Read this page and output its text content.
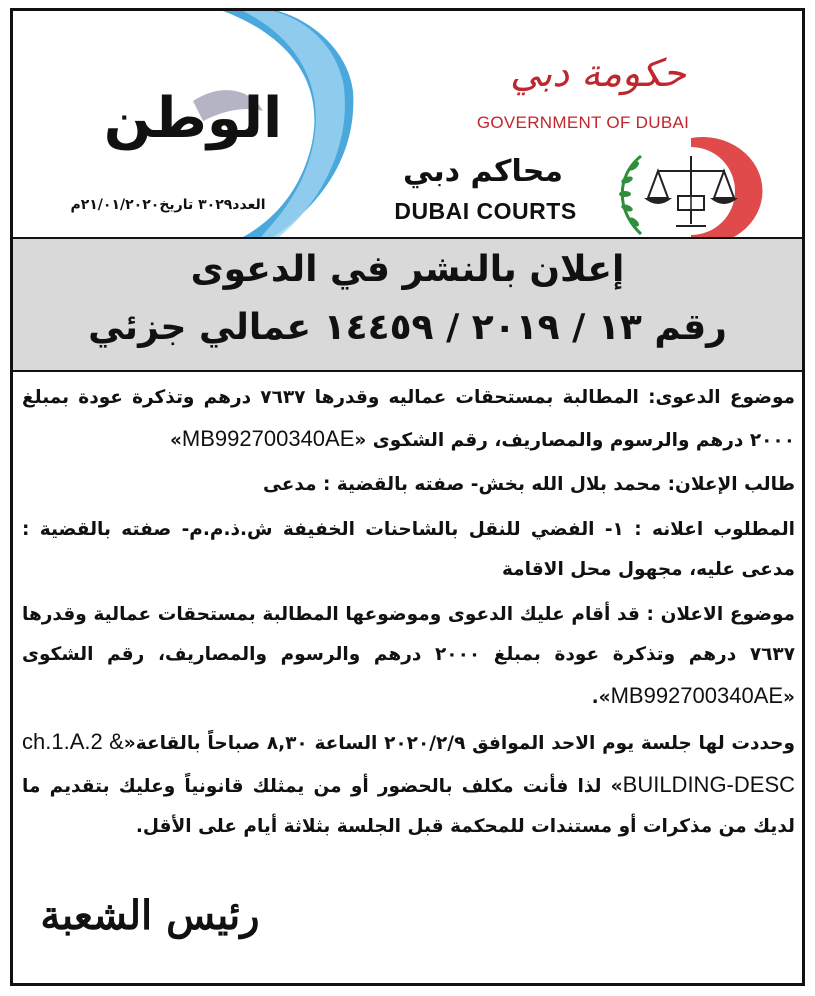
الوطن
العدد٣٠٢٩ تاريخ٢١/٠١/٢٠٢٠م
حكومة دبي
GOVERNMENT OF DUBAI
محاكم دبي
DUBAI COURTS
إعلان بالنشر في الدعوى
رقم ١٣ / ٢٠١٩ / ١٤٤٥٩ عمالي جزئي

موضوع الدعوى: المطالبة بمستحقات عماليه وقدرها ٧٦٣٧ درهم وتذكرة عودة بمبلغ ٢٠٠٠ درهم والرسوم والمصاريف، رقم الشكوى «MB992700340AE»

طالب الإعلان: محمد بلال الله بخش- صفته بالقضية : مدعى

المطلوب اعلانه : ١- الفضي للنقل بالشاحنات الخفيفة ش.ذ.م.م- صفته بالقضية : مدعى عليه، مجهول محل الاقامة

موضوع الاعلان : قد أقام عليك الدعوى وموضوعها المطالبة بمستحقات عمالية وقدرها ٧٦٣٧ درهم وتذكرة عودة بمبلغ ٢٠٠٠ درهم والرسوم والمصاريف، رقم الشكوى «MB992700340AE».

وحددت لها جلسة يوم الاحد الموافق ٢٠٢٠/٢/٩ الساعة ٨,٣٠ صباحاً بالقاعة«ch.1.A.2 & BUILDING-DESC» لذا فأنت مكلف بالحضور أو من يمثلك قانونياً وعليك بتقديم ما لديك من مذكرات أو مستندات للمحكمة قبل الجلسة بثلاثة أيام على الأقل.

رئيس الشعبة
